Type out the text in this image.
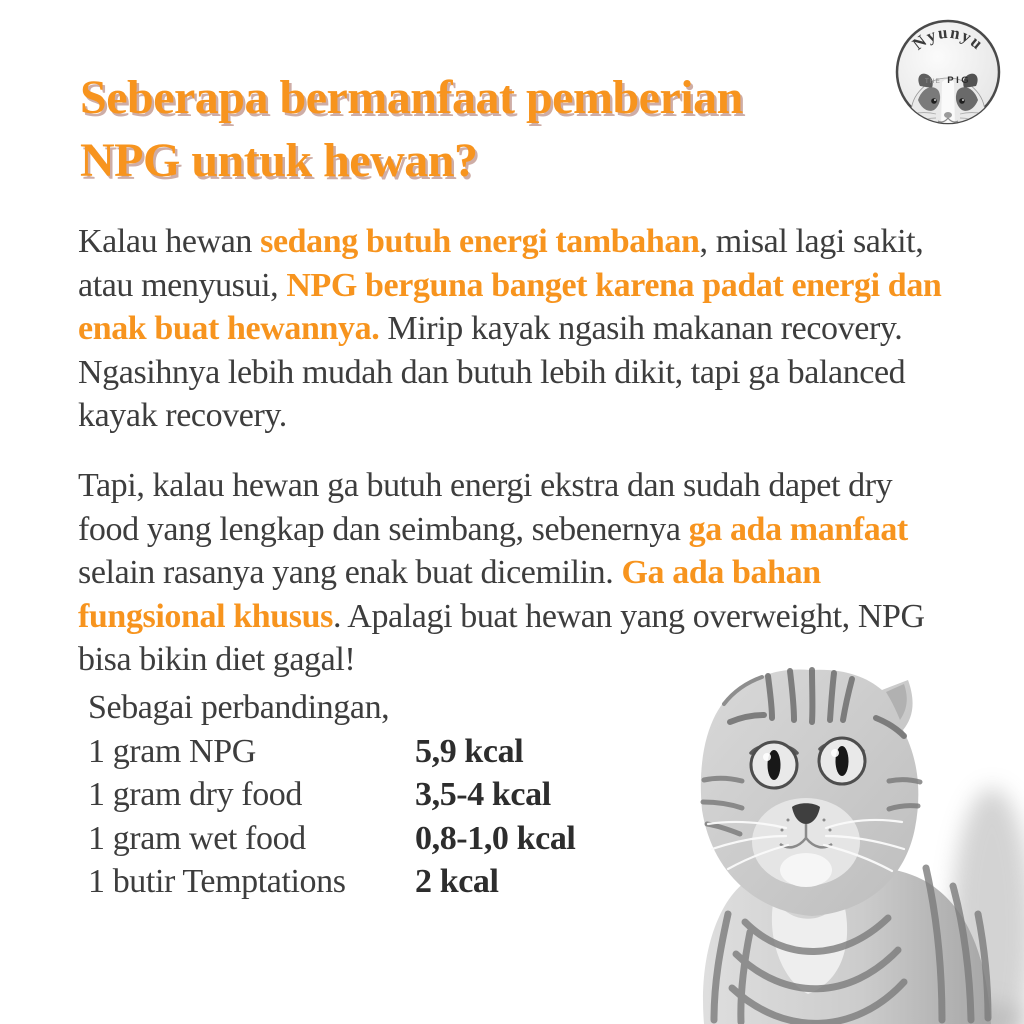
Seberapa bermanfaat pemberian
NPG untuk hewan?
Nyunyu
THE PIG

Kalau hewan sedang butuh energi tambahan, misal lagi sakit, atau menyusui, NPG berguna banget karena padat energi dan enak buat hewannya. Mirip kayak ngasih makanan recovery. Ngasihnya lebih mudah dan butuh lebih dikit, tapi ga balanced kayak recovery.

Tapi, kalau hewan ga butuh energi ekstra dan sudah dapet dry food yang lengkap dan seimbang, sebenernya ga ada manfaat selain rasanya yang enak buat dicemilin. Ga ada bahan fungsional khusus. Apalagi buat hewan yang overweight, NPG bisa bikin diet gagal!

Sebagai perbandingan,
1 gram NPG	5,9 kcal
1 gram dry food	3,5-4 kcal
1 gram wet food	0,8-1,0 kcal
1 butir Temptations	2 kcal
